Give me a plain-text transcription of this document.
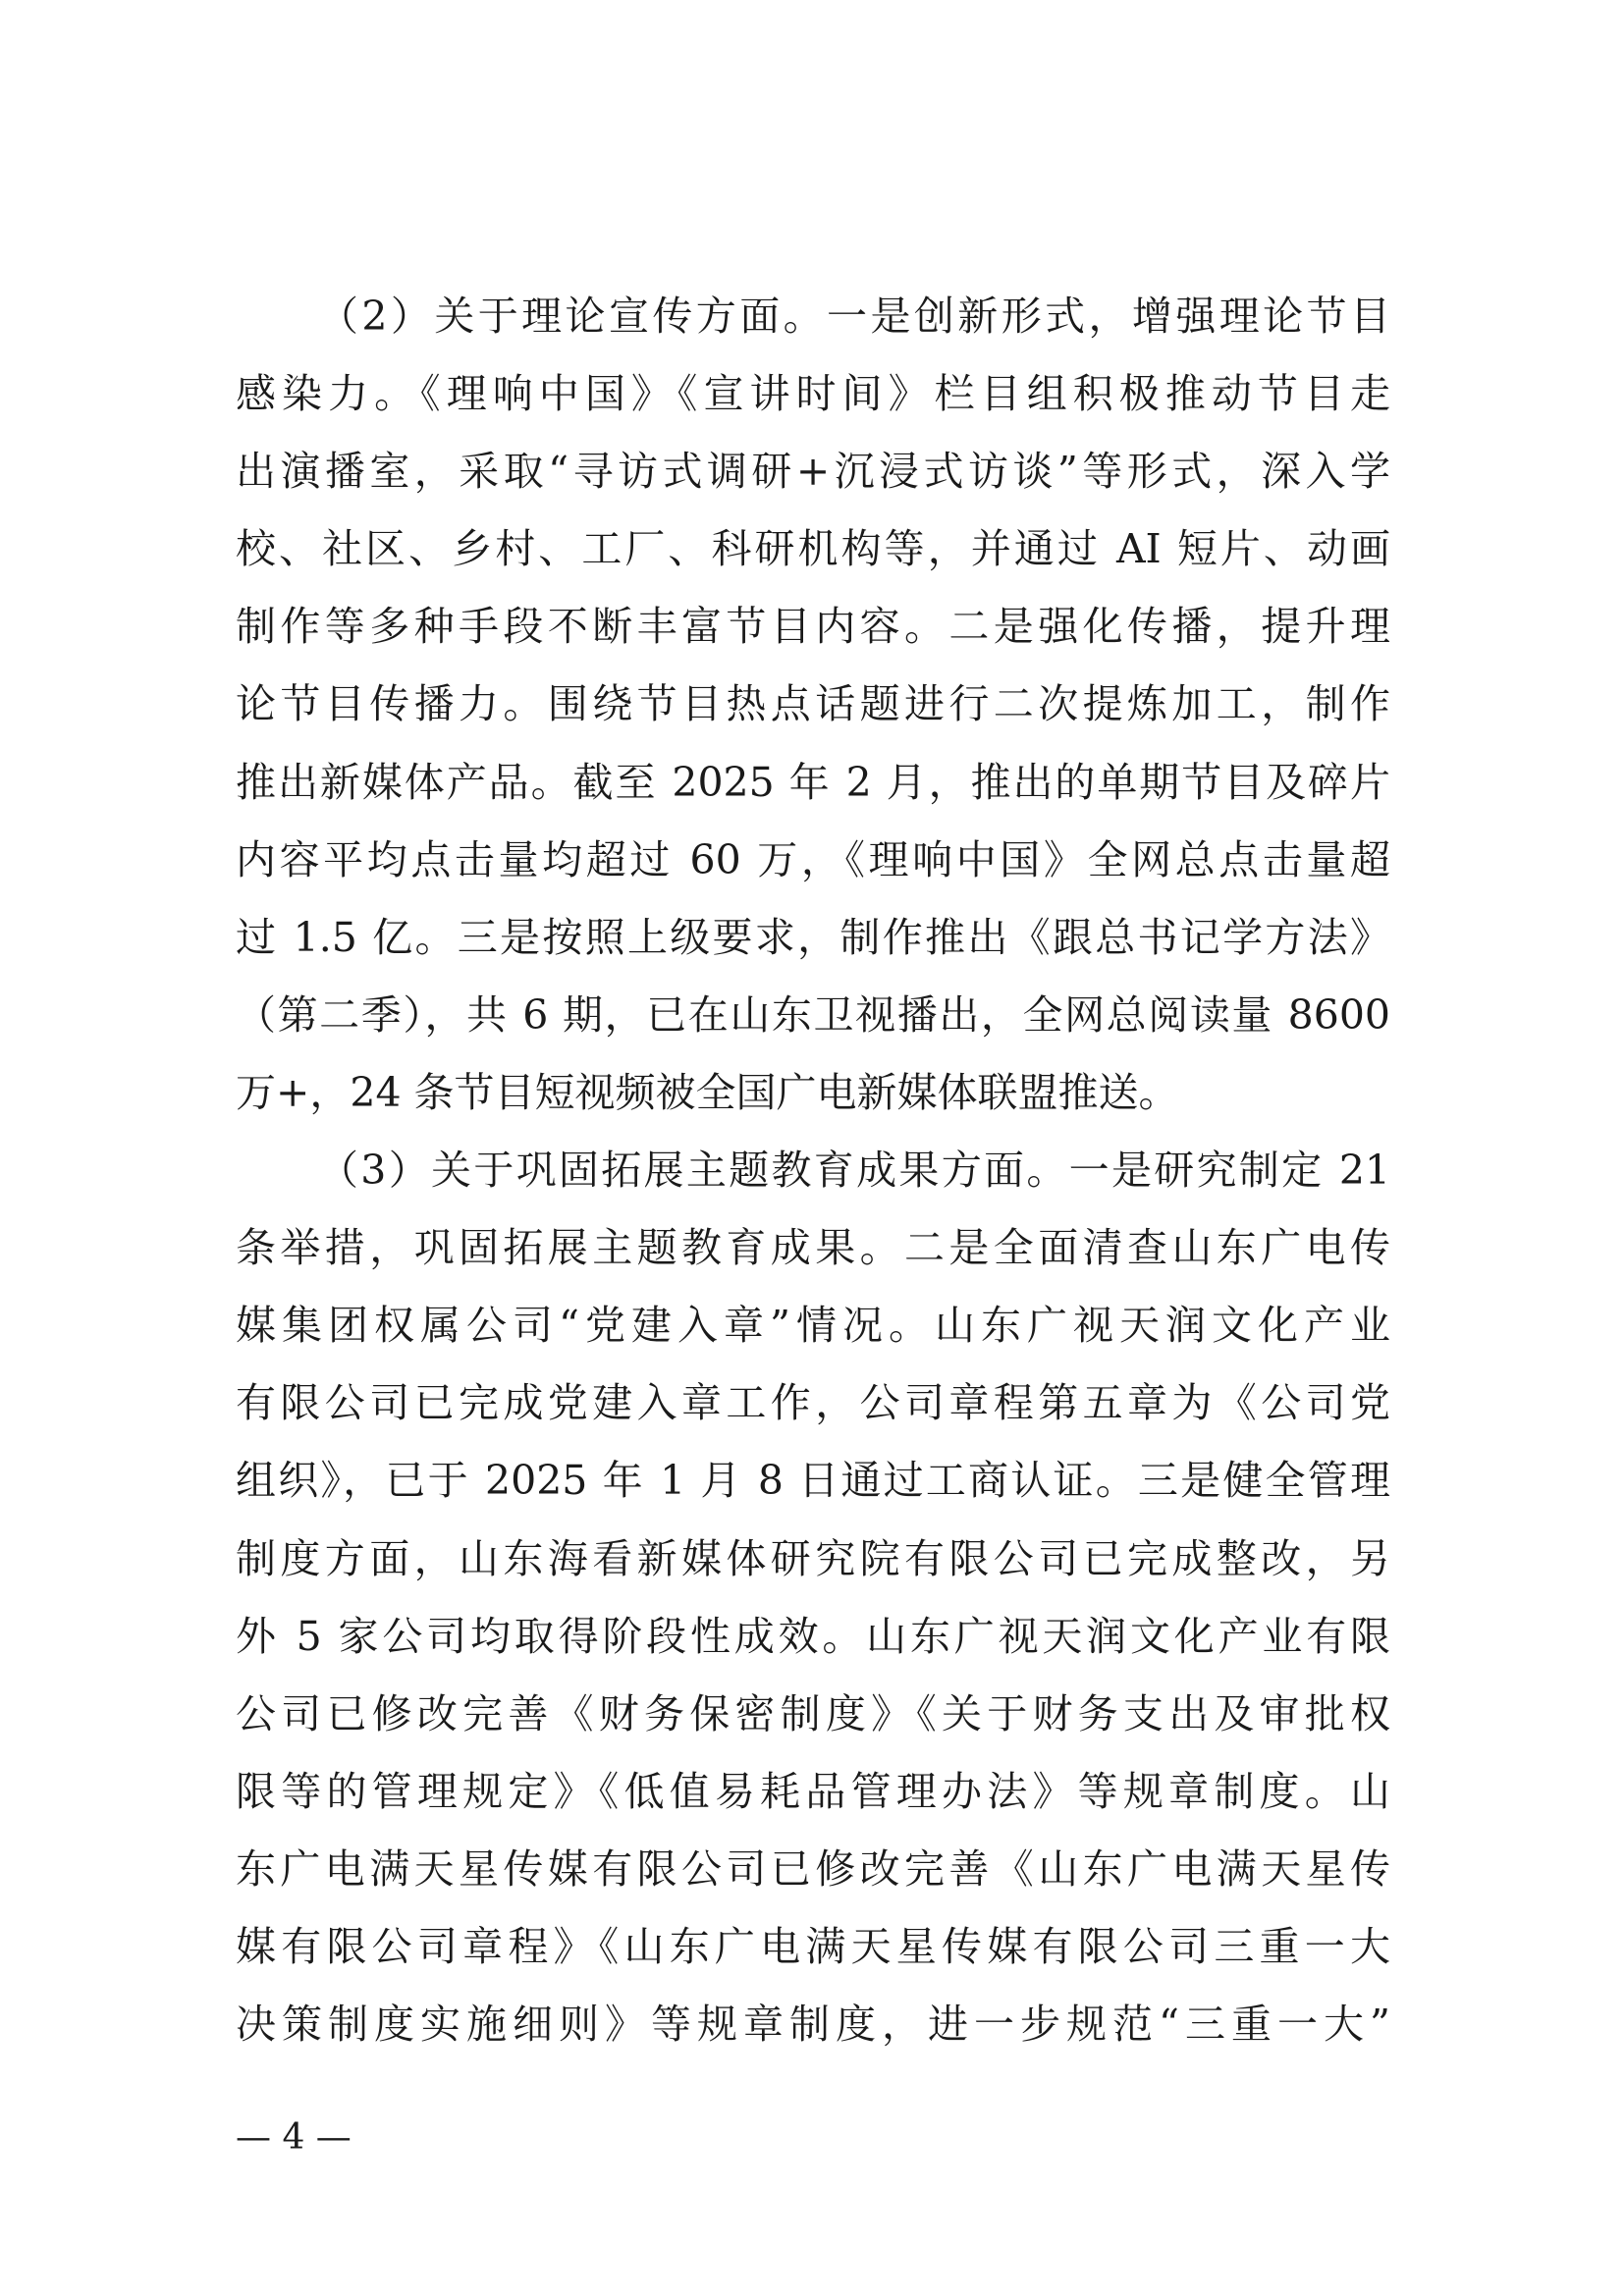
（2）关于理论宣传方面。一是创新形式，增强理论节目
感染力。《理响中国》《宣讲时间》栏目组积极推动节目走
出演播室，采取“寻访式调研+沉浸式访谈”等形式，深入学
校、社区、乡村、工厂、科研机构等，并通过 AI 短片、动画
制作等多种手段不断丰富节目内容。二是强化传播，提升理
论节目传播力。围绕节目热点话题进行二次提炼加工，制作
推出新媒体产品。截至 2025 年 2 月，推出的单期节目及碎片
内容平均点击量均超过 60 万，《理响中国》全网总点击量超
过 1.5 亿。三是按照上级要求，制作推出《跟总书记学方法》
（第二季），共 6 期，已在山东卫视播出，全网总阅读量 8600
万+，24 条节目短视频被全国广电新媒体联盟推送。
（3）关于巩固拓展主题教育成果方面。一是研究制定 21
条举措，巩固拓展主题教育成果。二是全面清查山东广电传
媒集团权属公司“党建入章”情况。山东广视天润文化产业
有限公司已完成党建入章工作，公司章程第五章为《公司党
组织》，已于 2025 年 1 月 8 日通过工商认证。三是健全管理
制度方面，山东海看新媒体研究院有限公司已完成整改，另
外 5 家公司均取得阶段性成效。山东广视天润文化产业有限
公司已修改完善《财务保密制度》《关于财务支出及审批权
限等的管理规定》《低值易耗品管理办法》等规章制度。山
东广电满天星传媒有限公司已修改完善《山东广电满天星传
媒有限公司章程》《山东广电满天星传媒有限公司三重一大
决策制度实施细则》等规章制度，进一步规范“三重一大”
— 4 —
